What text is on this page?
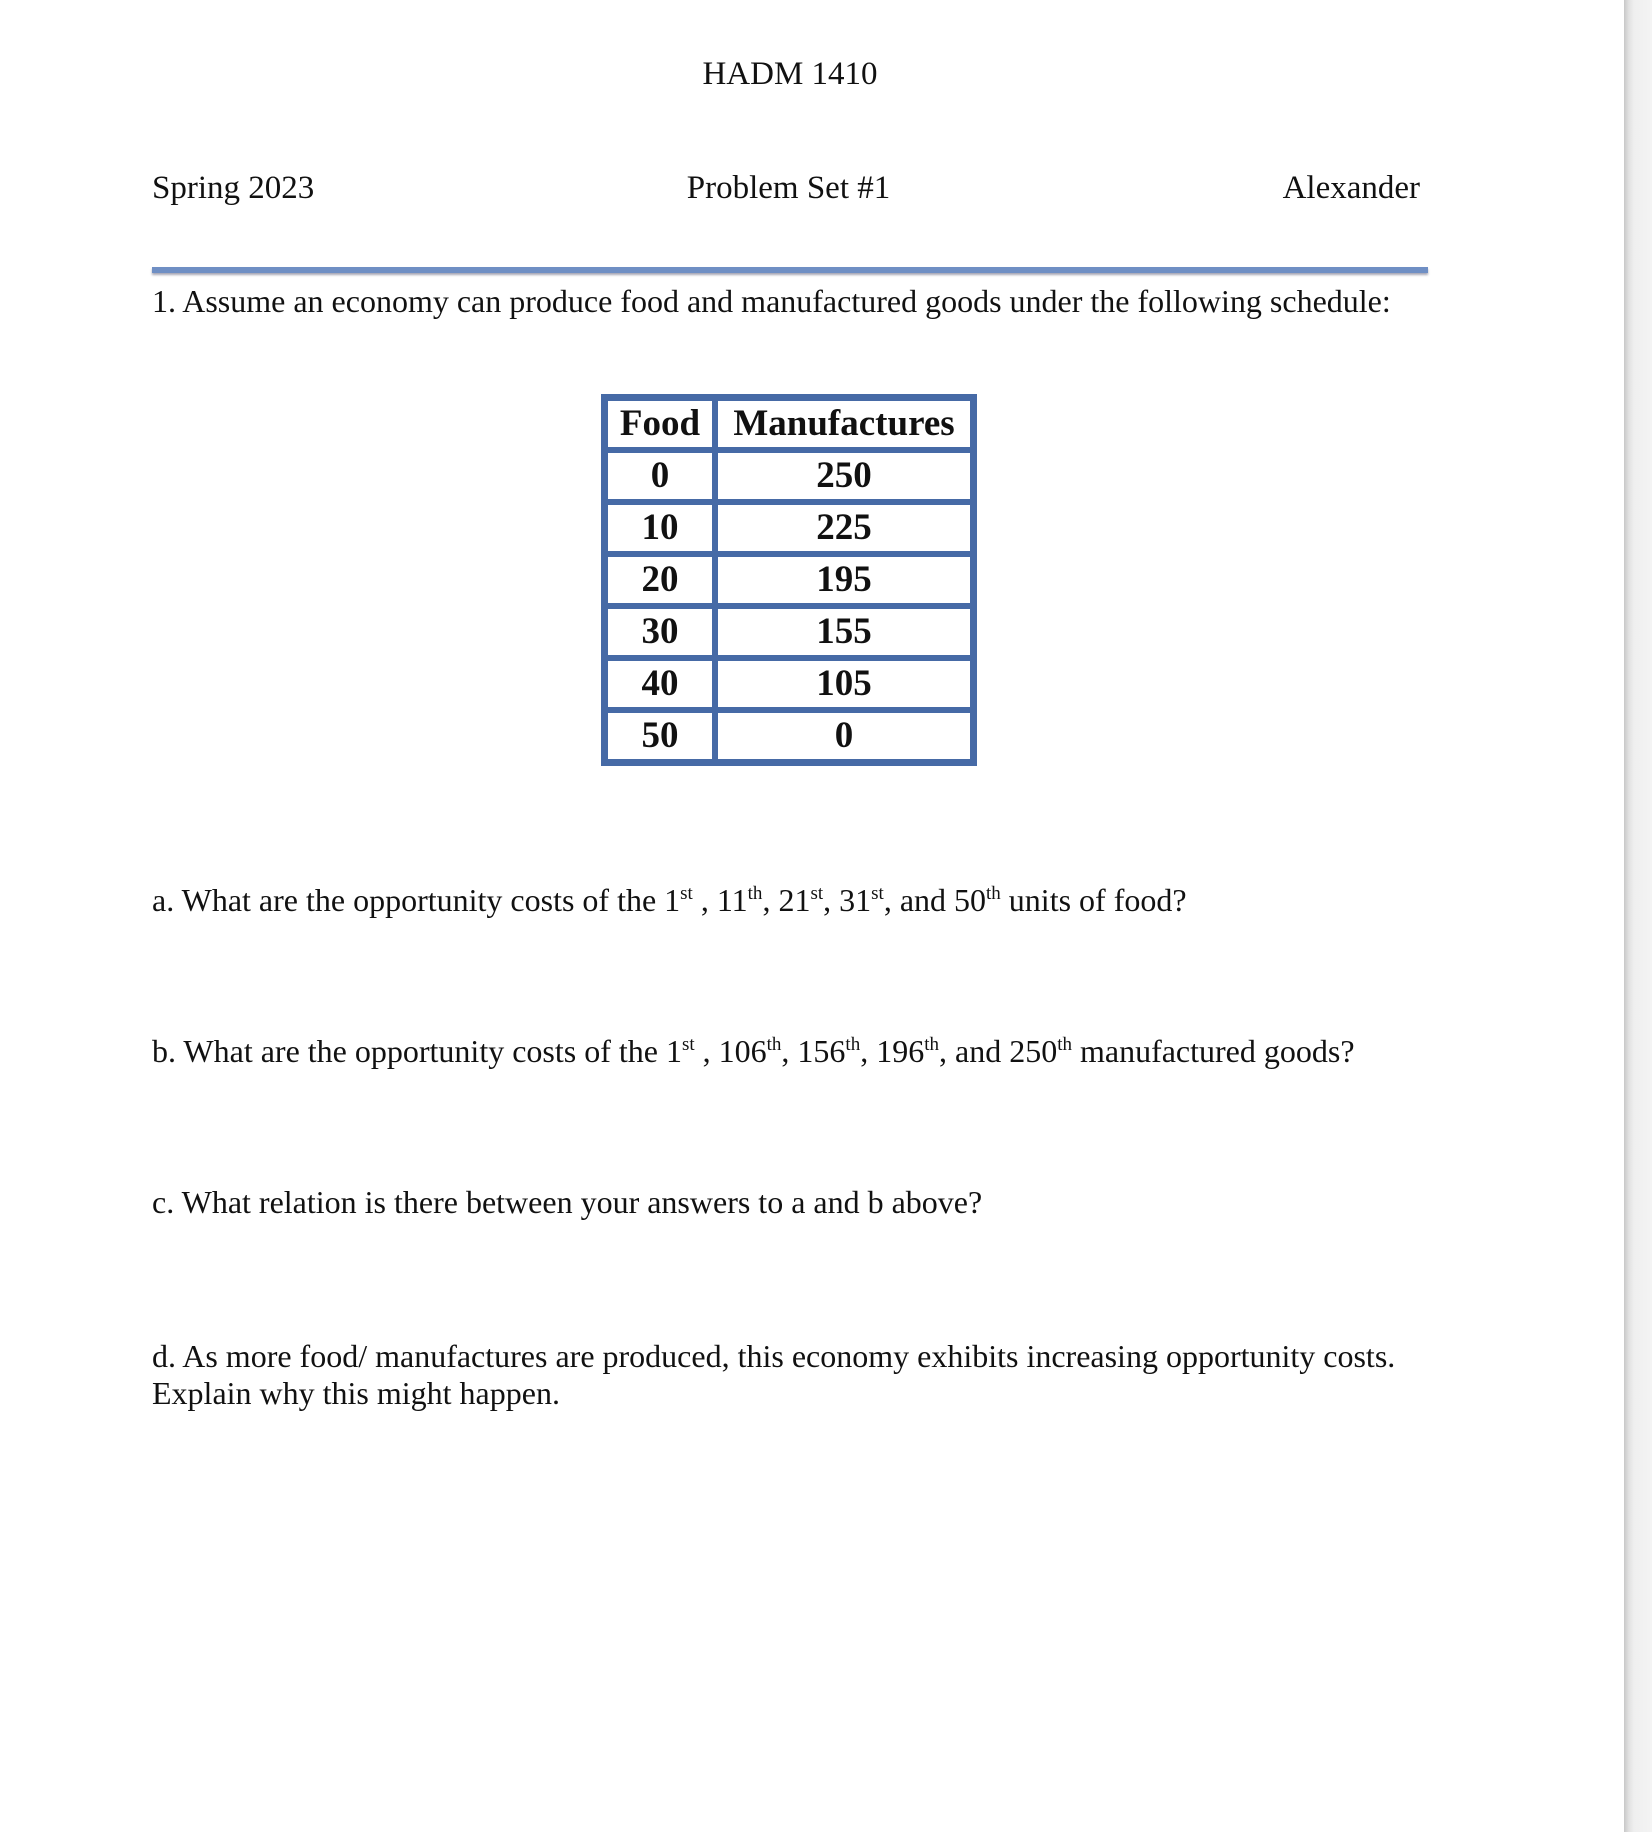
HADM 1410
Spring 2023	Problem Set #1	Alexander
1. Assume an economy can produce food and manufactured goods under the following schedule:
Food	Manufactures
0	250
10	225
20	195
30	155
40	105
50	0
a. What are the opportunity costs of the 1st , 11th, 21st, 31st, and 50th units of food?
b. What are the opportunity costs of the 1st , 106th, 156th, 196th, and 250th manufactured goods?
c. What relation is there between your answers to a and b above?
d. As more food/ manufactures are produced, this economy exhibits increasing opportunity costs.
Explain why this might happen.
